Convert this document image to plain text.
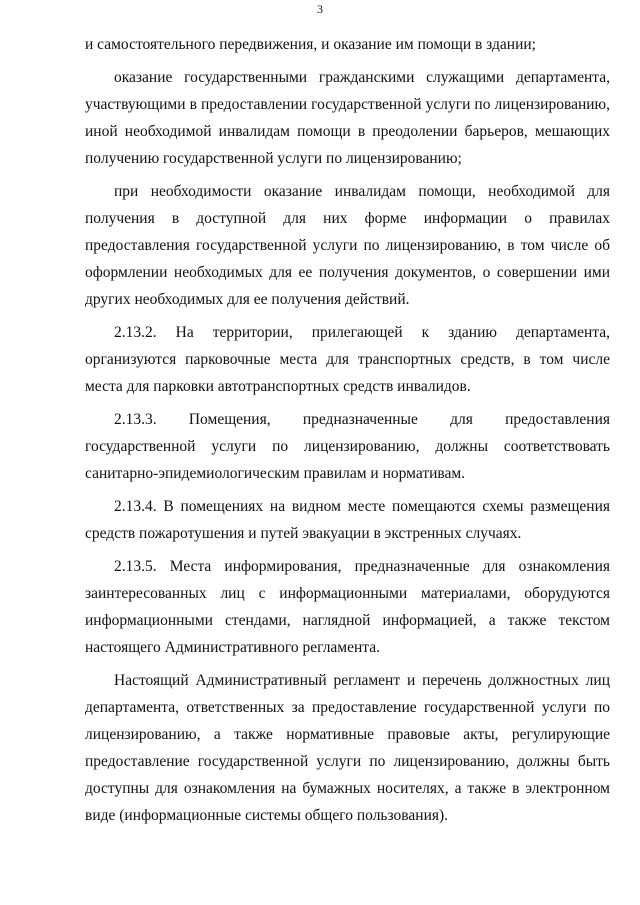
3

и самостоятельного передвижения, и оказание им помощи в здании;

оказание государственными гражданскими служащими департамента, участвующими в предоставлении государственной услуги по лицензированию, иной необходимой инвалидам помощи в преодолении барьеров, мешающих получению государственной услуги по лицензированию;

при необходимости оказание инвалидам помощи, необходимой для получения в доступной для них форме информации о правилах предоставления государственной услуги по лицензированию, в том числе об оформлении необходимых для ее получения документов, о совершении ими других необходимых для ее получения действий.

2.13.2. На территории, прилегающей к зданию департамента, организуются парковочные места для транспортных средств, в том числе места для парковки автотранспортных средств инвалидов.

2.13.3. Помещения, предназначенные для предоставления государственной услуги по лицензированию, должны соответствовать санитарно-эпидемиологическим правилам и нормативам.

2.13.4. В помещениях на видном месте помещаются схемы размещения средств пожаротушения и путей эвакуации в экстренных случаях.

2.13.5. Места информирования, предназначенные для ознакомления заинтересованных лиц с информационными материалами, оборудуются информационными стендами, наглядной информацией, а также текстом настоящего Административного регламента.

Настоящий Административный регламент и перечень должностных лиц департамента, ответственных за предоставление государственной услуги по лицензированию, а также нормативные правовые акты, регулирующие предоставление государственной услуги по лицензированию, должны быть доступны для ознакомления на бумажных носителях, а также в электронном виде (информационные системы общего пользования).
